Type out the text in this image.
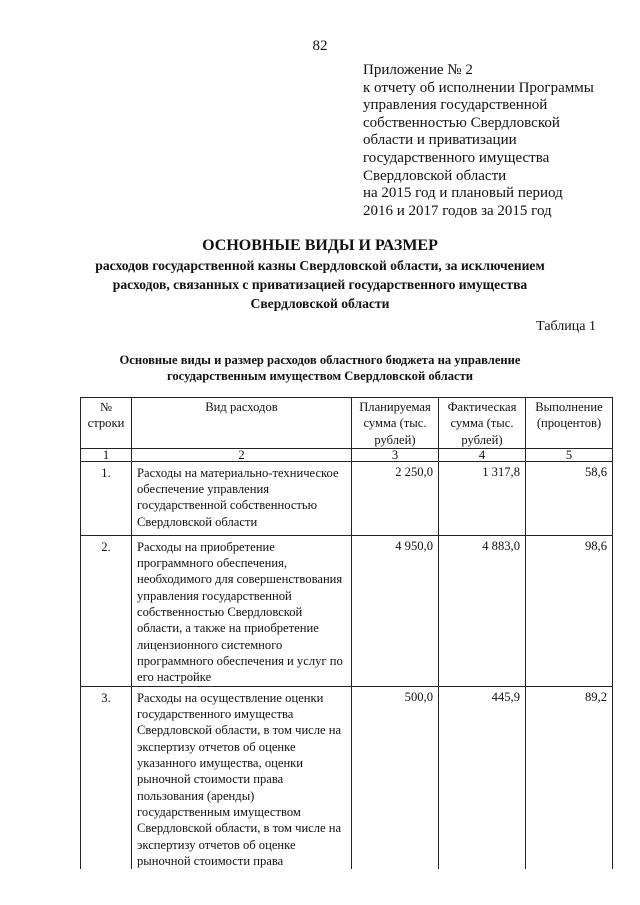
82
Приложение № 2
к отчету об исполнении Программы
управления государственной
собственностью Свердловской
области и приватизации
государственного имущества
Свердловской области
на 2015 год и плановый период
2016 и 2017 годов за 2015 год
ОСНОВНЫЕ ВИДЫ И РАЗМЕР
расходов государственной казны Свердловской области, за исключением
расходов, связанных с приватизацией государственного имущества
Свердловской области
Таблица 1
Основные виды и размер расходов областного бюджета на управление
государственным имуществом Свердловской области
№ строки	Вид расходов	Планируемая сумма (тыс. рублей)	Фактическая сумма (тыс. рублей)	Выполнение (процентов)
1	2	3	4	5
1.	Расходы на материально-техническое обеспечение управления государственной собственностью Свердловской области	2 250,0	1 317,8	58,6
2.	Расходы на приобретение программного обеспечения, необходимого для совершенствования управления государственной собственностью Свердловской области, а также на приобретение лицензионного системного программного обеспечения и услуг по его настройке	4 950,0	4 883,0	98,6
3.	Расходы на осуществление оценки государственного имущества Свердловской области, в том числе на экспертизу отчетов об оценке указанного имущества, оценки рыночной стоимости права пользования (аренды) государственным имуществом Свердловской области, в том числе на экспертизу отчетов об оценке рыночной стоимости права	500,0	445,9	89,2
